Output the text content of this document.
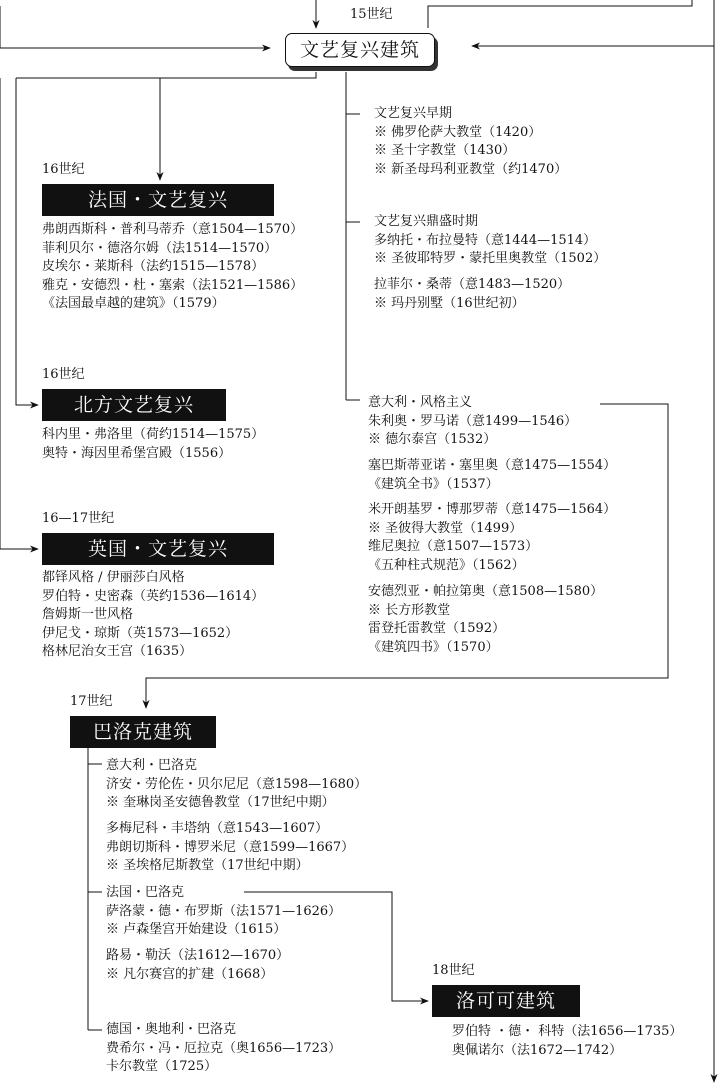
15世纪
文艺复兴建筑
文艺复兴早期
※ 佛罗伦萨大教堂（1420）
※ 圣十字教堂（1430）
※ 新圣母玛利亚教堂（约1470）
文艺复兴鼎盛时期
多纳托・布拉曼特（意1444—1514）
※ 圣彼耶特罗・蒙托里奥教堂（1502）
拉菲尔・桑蒂（意1483—1520）
※ 玛丹别墅（16世纪初）
意大利・风格主义
朱利奥・罗马诺（意1499—1546）
※ 德尔泰宫（1532）
塞巴斯蒂亚诺・塞里奥（意1475—1554）
《建筑全书》（1537）
米开朗基罗・博那罗蒂（意1475—1564）
※ 圣彼得大教堂（1499）
维尼奥拉（意1507—1573）
《五种柱式规范》（1562）
安德烈亚・帕拉第奥（意1508—1580）
※ 长方形教堂
雷登托雷教堂（1592）
《建筑四书》（1570）
16世纪
法国・文艺复兴
弗朗西斯科・普利马蒂乔（意1504—1570）
菲利贝尔・德洛尔姆（法1514—1570）
皮埃尔・莱斯科（法约1515—1578）
雅克・安德烈・杜・塞索（法1521—1586）
《法国最卓越的建筑》（1579）
16世纪
北方文艺复兴
科内里・弗洛里（荷约1514—1575）
奥特・海因里希堡宫殿（1556）
16—17世纪
英国・文艺复兴
都铎风格 / 伊丽莎白风格
罗伯特・史密森（英约1536—1614）
詹姆斯一世风格
伊尼戈・琼斯（英1573—1652）
格林尼治女王宫（1635）
17世纪
巴洛克建筑
意大利・巴洛克
济安・劳伦佐・贝尔尼尼（意1598—1680）
※ 奎琳岗圣安德鲁教堂（17世纪中期）
多梅尼科・丰塔纳（意1543—1607）
弗朗切斯科・博罗米尼（意1599—1667）
※ 圣埃格尼斯教堂（17世纪中期）
法国・巴洛克
萨洛蒙・德・布罗斯（法1571—1626）
※ 卢森堡宫开始建设（1615）
路易・勒沃（法1612—1670）
※ 凡尔赛宫的扩建（1668）
德国・奥地利・巴洛克
费希尔・冯・厄拉克（奥1656—1723）
卡尔教堂（1725）
18世纪
洛可可建筑
罗伯特 ・德・ 科特（法1656—1735）
奥佩诺尔（法1672—1742）
